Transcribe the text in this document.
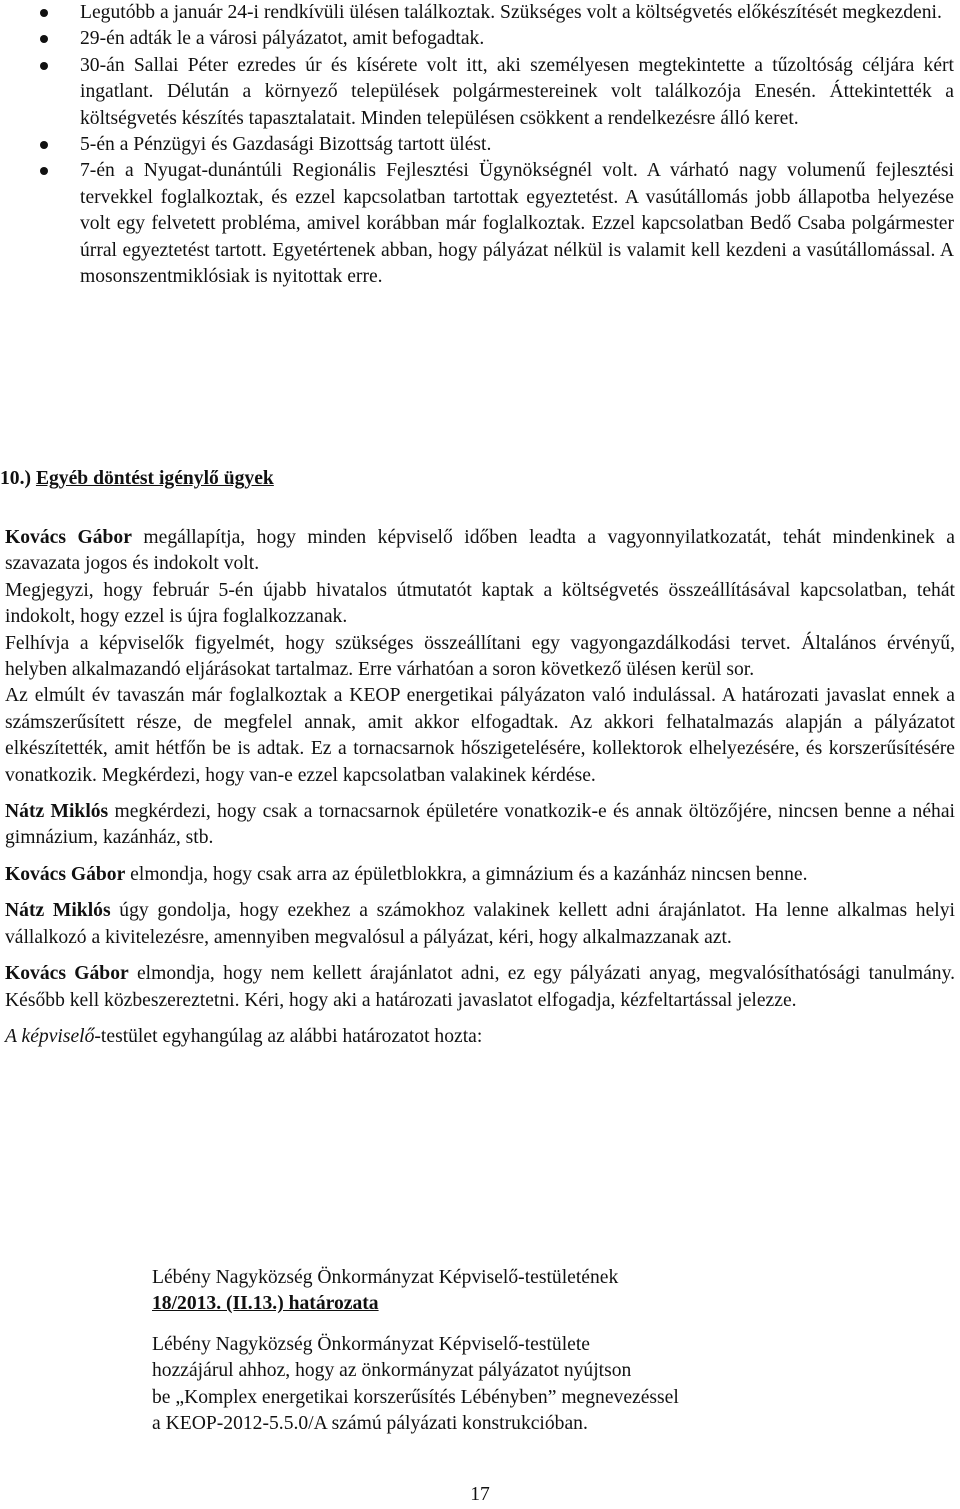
Legutóbb a január 24-i rendkívüli ülésen találkoztak. Szükséges volt a költségvetés előkészítését megkezdeni.
29-én adták le a városi pályázatot, amit befogadtak.
30-án Sallai Péter ezredes úr és kísérete volt itt, aki személyesen megtekintette a tűzoltóság céljára kért ingatlant. Délután a környező települések polgármestereinek volt találkozója Enesén. Áttekintették a költségvetés készítés tapasztalatait. Minden településen csökkent a rendelkezésre álló keret.
5-én a Pénzügyi és Gazdasági Bizottság tartott ülést.
7-én a Nyugat-dunántúli Regionális Fejlesztési Ügynökségnél volt. A várható nagy volumenű fejlesztési tervekkel foglalkoztak, és ezzel kapcsolatban tartottak egyeztetést. A vasútállomás jobb állapotba helyezése volt egy felvetett probléma, amivel korábban már foglalkoztak. Ezzel kapcsolatban Bedő Csaba polgármester úrral egyeztetést tartott. Egyetértenek abban, hogy pályázat nélkül is valamit kell kezdeni a vasútállomással. A mosonszentmiklósiak is nyitottak erre.
10.) Egyéb döntést igénylő ügyek

Kovács Gábor megállapítja, hogy minden képviselő időben leadta a vagyonnyilatkozatát, tehát mindenkinek a szavazata jogos és indokolt volt.

Megjegyzi, hogy február 5-én újabb hivatalos útmutatót kaptak a költségvetés összeállításával kapcsolatban, tehát indokolt, hogy ezzel is újra foglalkozzanak.

Felhívja a képviselők figyelmét, hogy szükséges összeállítani egy vagyongazdálkodási tervet. Általános érvényű, helyben alkalmazandó eljárásokat tartalmaz. Erre várhatóan a soron következő ülésen kerül sor.

Az elmúlt év tavaszán már foglalkoztak a KEOP energetikai pályázaton való indulással. A határozati javaslat ennek a számszerűsített része, de megfelel annak, amit akkor elfogadtak. Az akkori felhatalmazás alapján a pályázatot elkészítették, amit hétfőn be is adtak. Ez a tornacsarnok hőszigetelésére, kollektorok elhelyezésére, és korszerűsítésére vonatkozik. Megkérdezi, hogy van-e ezzel kapcsolatban valakinek kérdése.

Nátz Miklós megkérdezi, hogy csak a tornacsarnok épületére vonatkozik-e és annak öltözőjére, nincsen benne a néhai gimnázium, kazánház, stb.

Kovács Gábor elmondja, hogy csak arra az épületblokkra, a gimnázium és a kazánház nincsen benne.

Nátz Miklós úgy gondolja, hogy ezekhez a számokhoz valakinek kellett adni árajánlatot. Ha lenne alkalmas helyi vállalkozó a kivitelezésre, amennyiben megvalósul a pályázat, kéri, hogy alkalmazzanak azt.

Kovács Gábor elmondja, hogy nem kellett árajánlatot adni, ez egy pályázati anyag, megvalósíthatósági tanulmány. Később kell közbeszereztetni. Kéri, hogy aki a határozati javaslatot elfogadja, kézfeltartással jelezze.

A képviselő-testület egyhangúlag az alábbi határozatot hozta:

Lébény Nagyközség Önkormányzat Képviselő-testületének
18/2013. (II.13.) határozata
Lébény Nagyközség Önkormányzat Képviselő-testülete
hozzájárul ahhoz, hogy az önkormányzat pályázatot nyújtson
be „Komplex energetikai korszerűsítés Lébényben” megnevezéssel
a KEOP-2012-5.5.0/A számú pályázati konstrukcióban.
17
